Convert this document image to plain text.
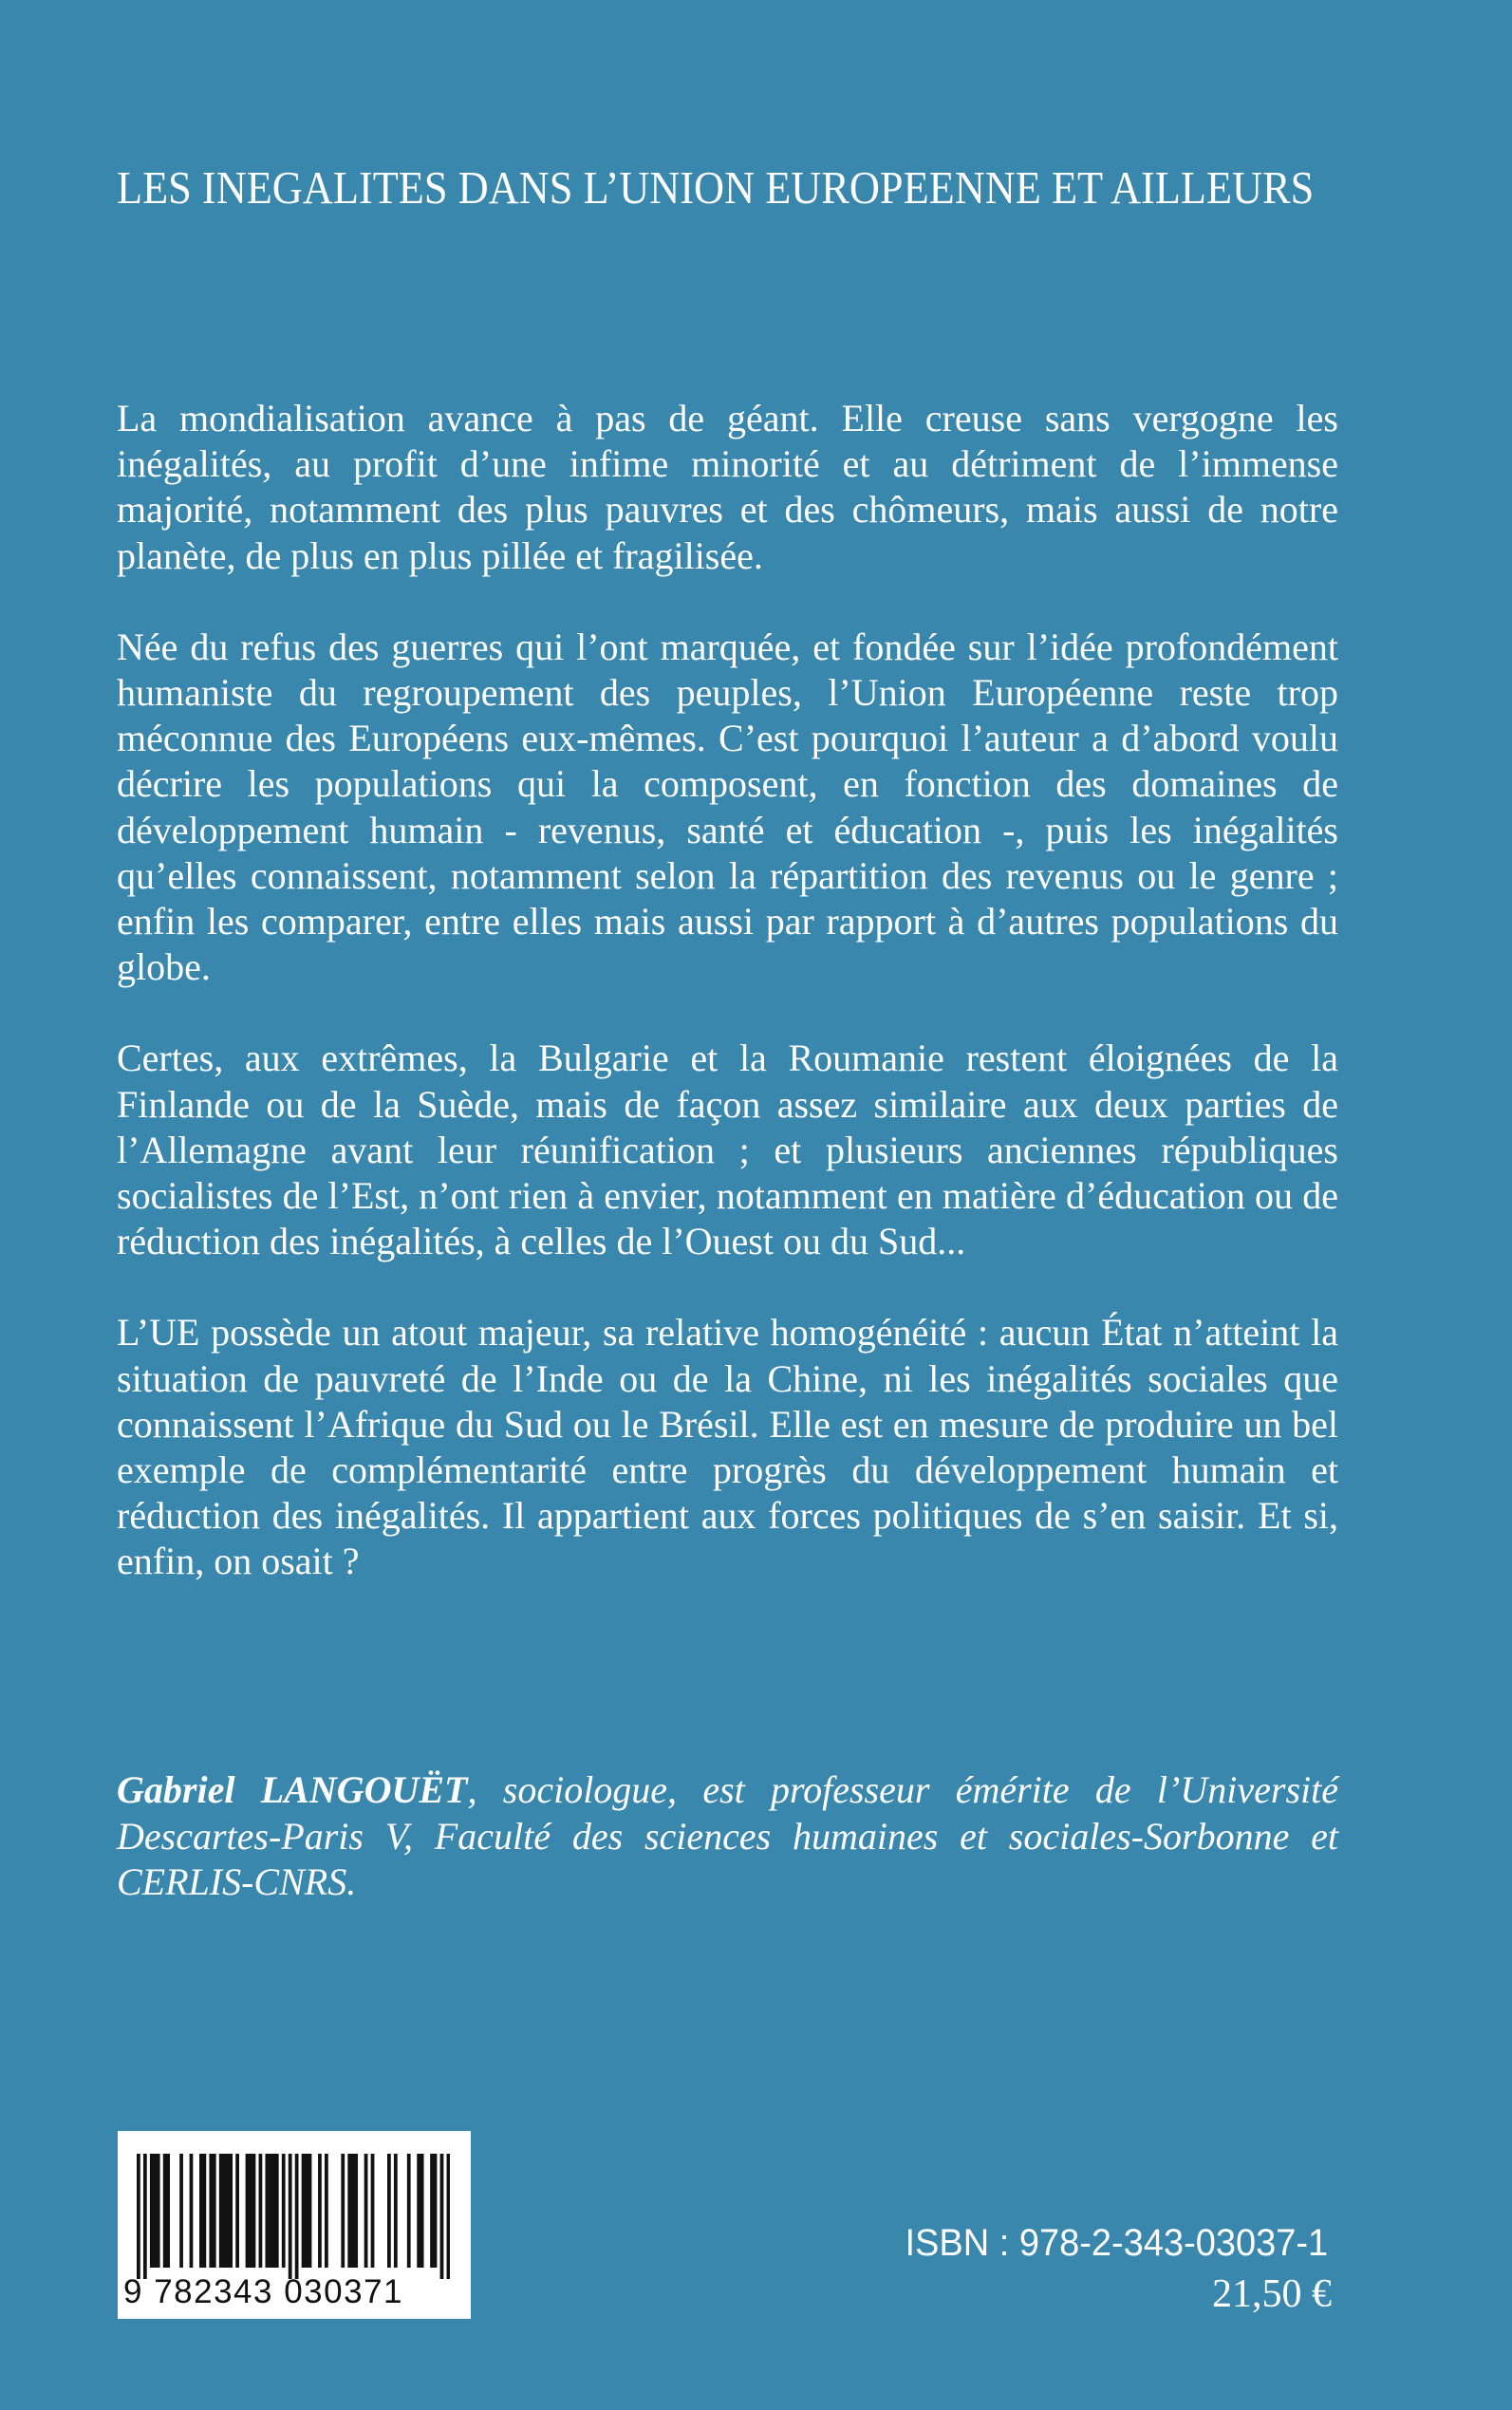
LES INEGALITES DANS L’UNION EUROPEENNE ET AILLEURS

La mondialisation avance à pas de géant. Elle creuse sans vergogne les inégalités, au profit d’une infime minorité et au détriment de l’immense majorité, notamment des plus pauvres et des chômeurs, mais aussi de notre planète, de plus en plus pillée et fragilisée.

Née du refus des guerres qui l’ont marquée, et fondée sur l’idée profondément humaniste du regroupement des peuples, l’Union Européenne reste trop méconnue des Européens eux-mêmes. C’est pourquoi l’auteur a d’abord voulu décrire les populations qui la composent, en fonction des domaines de développement humain - revenus, santé et éducation -, puis les inégalités qu’elles connaissent, notamment selon la répartition des revenus ou le genre ; enfin les comparer, entre elles mais aussi par rapport à d’autres populations du globe.

Certes, aux extrêmes, la Bulgarie et la Roumanie restent éloignées de la Finlande ou de la Suède, mais de façon assez similaire aux deux parties de l’Allemagne avant leur réunification ; et plusieurs anciennes républiques socialistes de l’Est, n’ont rien à envier, notamment en matière d’éducation ou de réduction des inégalités, à celles de l’Ouest ou du Sud...

L’UE possède un atout majeur, sa relative homogénéité : aucun État n’atteint la situation de pauvreté de l’Inde ou de la Chine, ni les inégalités sociales que connaissent l’Afrique du Sud ou le Brésil. Elle est en mesure de produire un bel exemple de complémentarité entre progrès du développement humain et réduction des inégalités. Il appartient aux forces politiques de s’en saisir. Et si, enfin, on osait ?

Gabriel LANGOUËT, sociologue, est professeur émérite de l’Université Descartes-Paris V, Faculté des sciences humaines et sociales-Sorbonne et CERLIS-CNRS.
9 782343 030371
ISBN : 978-2-343-03037-1
21,50 €
